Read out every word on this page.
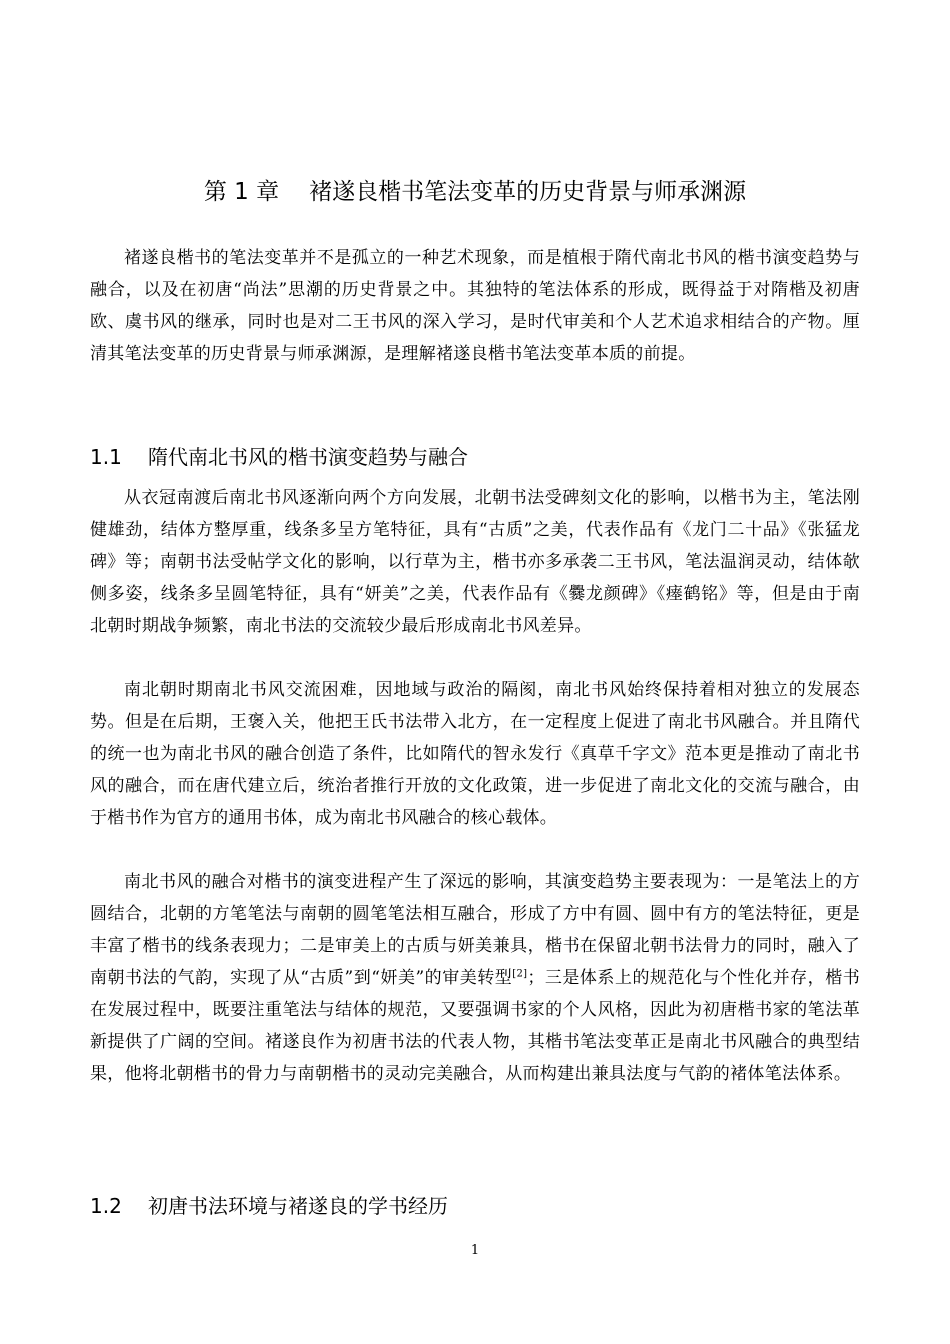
第 1 章 褚遂良楷书笔法变革的历史背景与师承渊源

褚遂良楷书的笔法变革并不是孤立的一种艺术现象，而是植根于隋代南北书风的楷书演变趋势与融合，以及在初唐“尚法”思潮的历史背景之中。其独特的笔法体系的形成，既得益于对隋楷及初唐欧、虞书风的继承，同时也是对二王书风的深入学习，是时代审美和个人艺术追求相结合的产物。厘清其笔法变革的历史背景与师承渊源，是理解褚遂良楷书笔法变革本质的前提。

1.1 隋代南北书风的楷书演变趋势与融合

从衣冠南渡后南北书风逐渐向两个方向发展，北朝书法受碑刻文化的影响，以楷书为主，笔法刚健雄劲，结体方整厚重，线条多呈方笔特征，具有“古质”之美，代表作品有《龙门二十品》《张猛龙碑》等；南朝书法受帖学文化的影响，以行草为主，楷书亦多承袭二王书风，笔法温润灵动，结体欹侧多姿，线条多呈圆笔特征，具有“妍美”之美，代表作品有《爨龙颜碑》《瘗鹤铭》等，但是由于南北朝时期战争频繁，南北书法的交流较少最后形成南北书风差异。

南北朝时期南北书风交流困难，因地域与政治的隔阂，南北书风始终保持着相对独立的发展态势。但是在后期，王褒入关，他把王氏书法带入北方，在一定程度上促进了南北书风融合。并且隋代的统一也为南北书风的融合创造了条件，比如隋代的智永发行《真草千字文》范本更是推动了南北书风的融合，而在唐代建立后，统治者推行开放的文化政策，进一步促进了南北文化的交流与融合，由于楷书作为官方的通用书体，成为南北书风融合的核心载体。

南北书风的融合对楷书的演变进程产生了深远的影响，其演变趋势主要表现为：一是笔法上的方圆结合，北朝的方笔笔法与南朝的圆笔笔法相互融合，形成了方中有圆、圆中有方的笔法特征，更是丰富了楷书的线条表现力；二是审美上的古质与妍美兼具，楷书在保留北朝书法骨力的同时，融入了南朝书法的气韵，实现了从“古质”到“妍美”的审美转型[2]；三是体系上的规范化与个性化并存，楷书在发展过程中，既要注重笔法与结体的规范，又要强调书家的个人风格，因此为初唐楷书家的笔法革新提供了广阔的空间。褚遂良作为初唐书法的代表人物，其楷书笔法变革正是南北书风融合的典型结果，他将北朝楷书的骨力与南朝楷书的灵动完美融合，从而构建出兼具法度与气韵的褚体笔法体系。

1.2 初唐书法环境与褚遂良的学书经历
1
